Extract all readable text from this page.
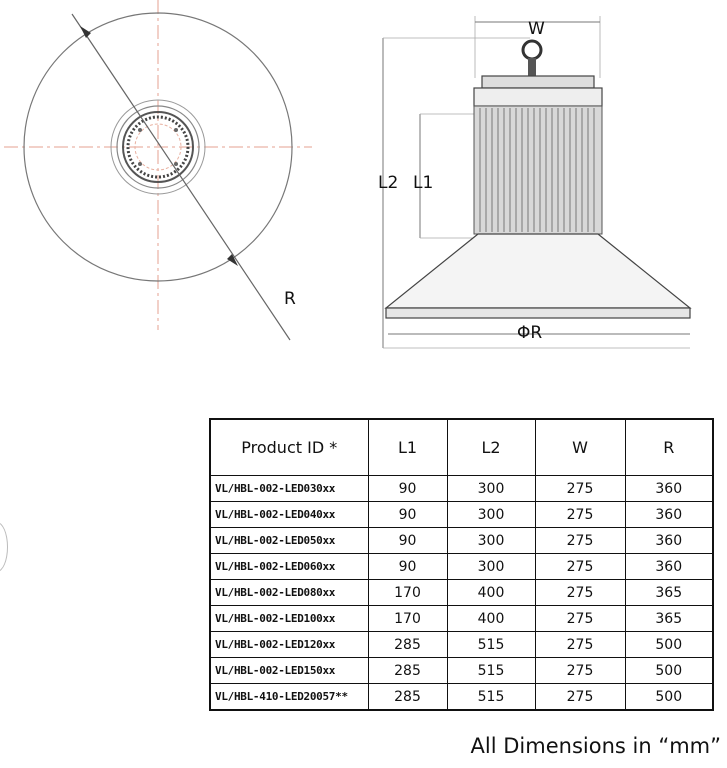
R
L2 L1
W
ΦR
Product ID *	L1	L2	W	R
VL/HBL-002-LED030xx	90	300	275	360
VL/HBL-002-LED040xx	90	300	275	360
VL/HBL-002-LED050xx	90	300	275	360
VL/HBL-002-LED060xx	90	300	275	360
VL/HBL-002-LED080xx	170	400	275	365
VL/HBL-002-LED100xx	170	400	275	365
VL/HBL-002-LED120xx	285	515	275	500
VL/HBL-002-LED150xx	285	515	275	500
VL/HBL-410-LED20057**	285	515	275	500
All Dimensions in “mm”
